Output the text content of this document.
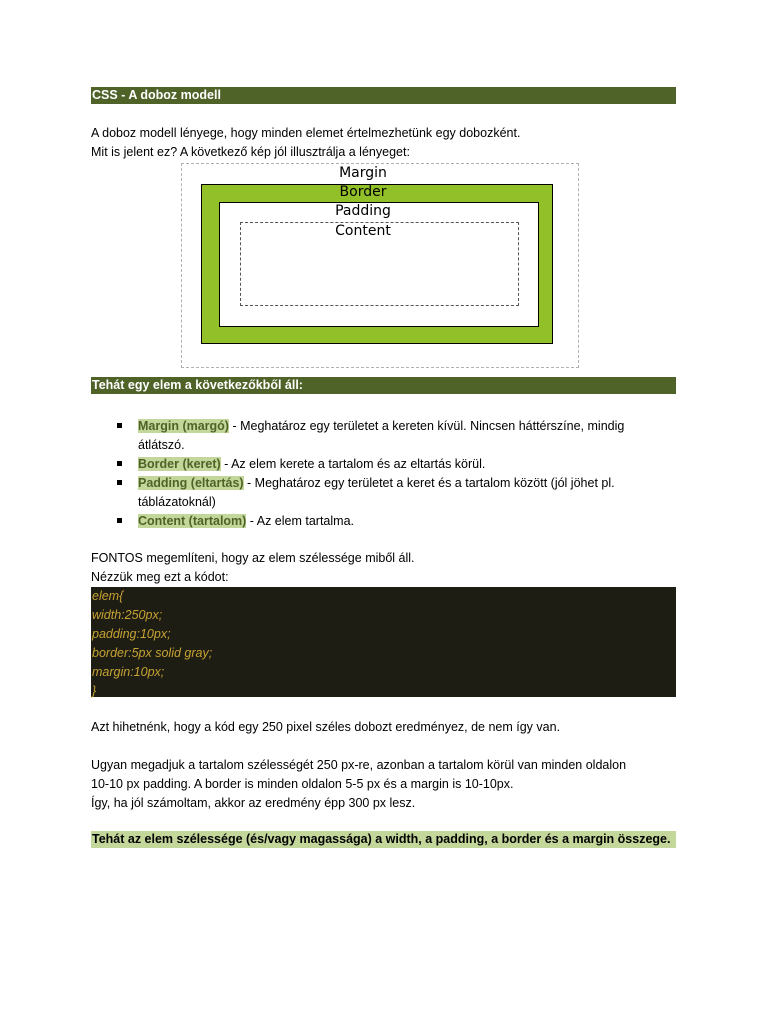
CSS - A doboz modell
A doboz modell lényege, hogy minden elemet értelmezhetünk egy dobozként.
Mit is jelent ez? A következő kép jól illusztrálja a lényeget:
Margin
Border
Padding
Content
Tehát egy elem a következőkből áll:
Margin (margó) - Meghatároz egy területet a kereten kívül. Nincsen háttérszíne, mindig
átlátszó.
Border (keret) - Az elem kerete a tartalom és az eltartás körül.
Padding (eltartás) - Meghatároz egy területet a keret és a tartalom között (jól jöhet pl.
táblázatoknál)
Content (tartalom) - Az elem tartalma.
FONTOS megemlíteni, hogy az elem szélessége miből áll.
Nézzük meg ezt a kódot:
elem{
width:250px;
padding:10px;
border:5px solid gray;
margin:10px;
}
Azt hihetnénk, hogy a kód egy 250 pixel széles dobozt eredményez, de nem így van.
Ugyan megadjuk a tartalom szélességét 250 px-re, azonban a tartalom körül van minden oldalon
10-10 px padding. A border is minden oldalon 5-5 px és a margin is 10-10px.
Így, ha jól számoltam, akkor az eredmény épp 300 px lesz.
Tehát az elem szélessége (és/vagy magassága) a width, a padding, a border és a margin összege.
